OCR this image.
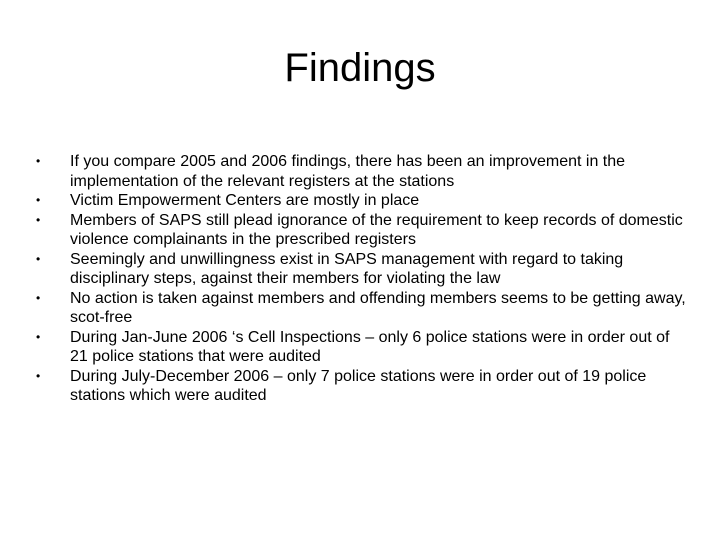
Findings
•	If you compare 2005 and 2006 findings, there has been an improvement in the implementation of the relevant registers at the stations
•	Victim Empowerment Centers are mostly in place
•	Members of SAPS still plead ignorance of the requirement to keep records of domestic violence complainants in the prescribed registers
•	Seemingly and unwillingness exist in SAPS management with regard to taking disciplinary steps, against their members for violating the law
•	No action is taken against members and offending members seems to be getting away, scot-free
•	During Jan-June 2006 ‘s Cell Inspections – only 6 police stations were in order out of 21 police stations that were audited
•	During July-December 2006 – only 7 police stations were in order out of 19 police stations which were audited
